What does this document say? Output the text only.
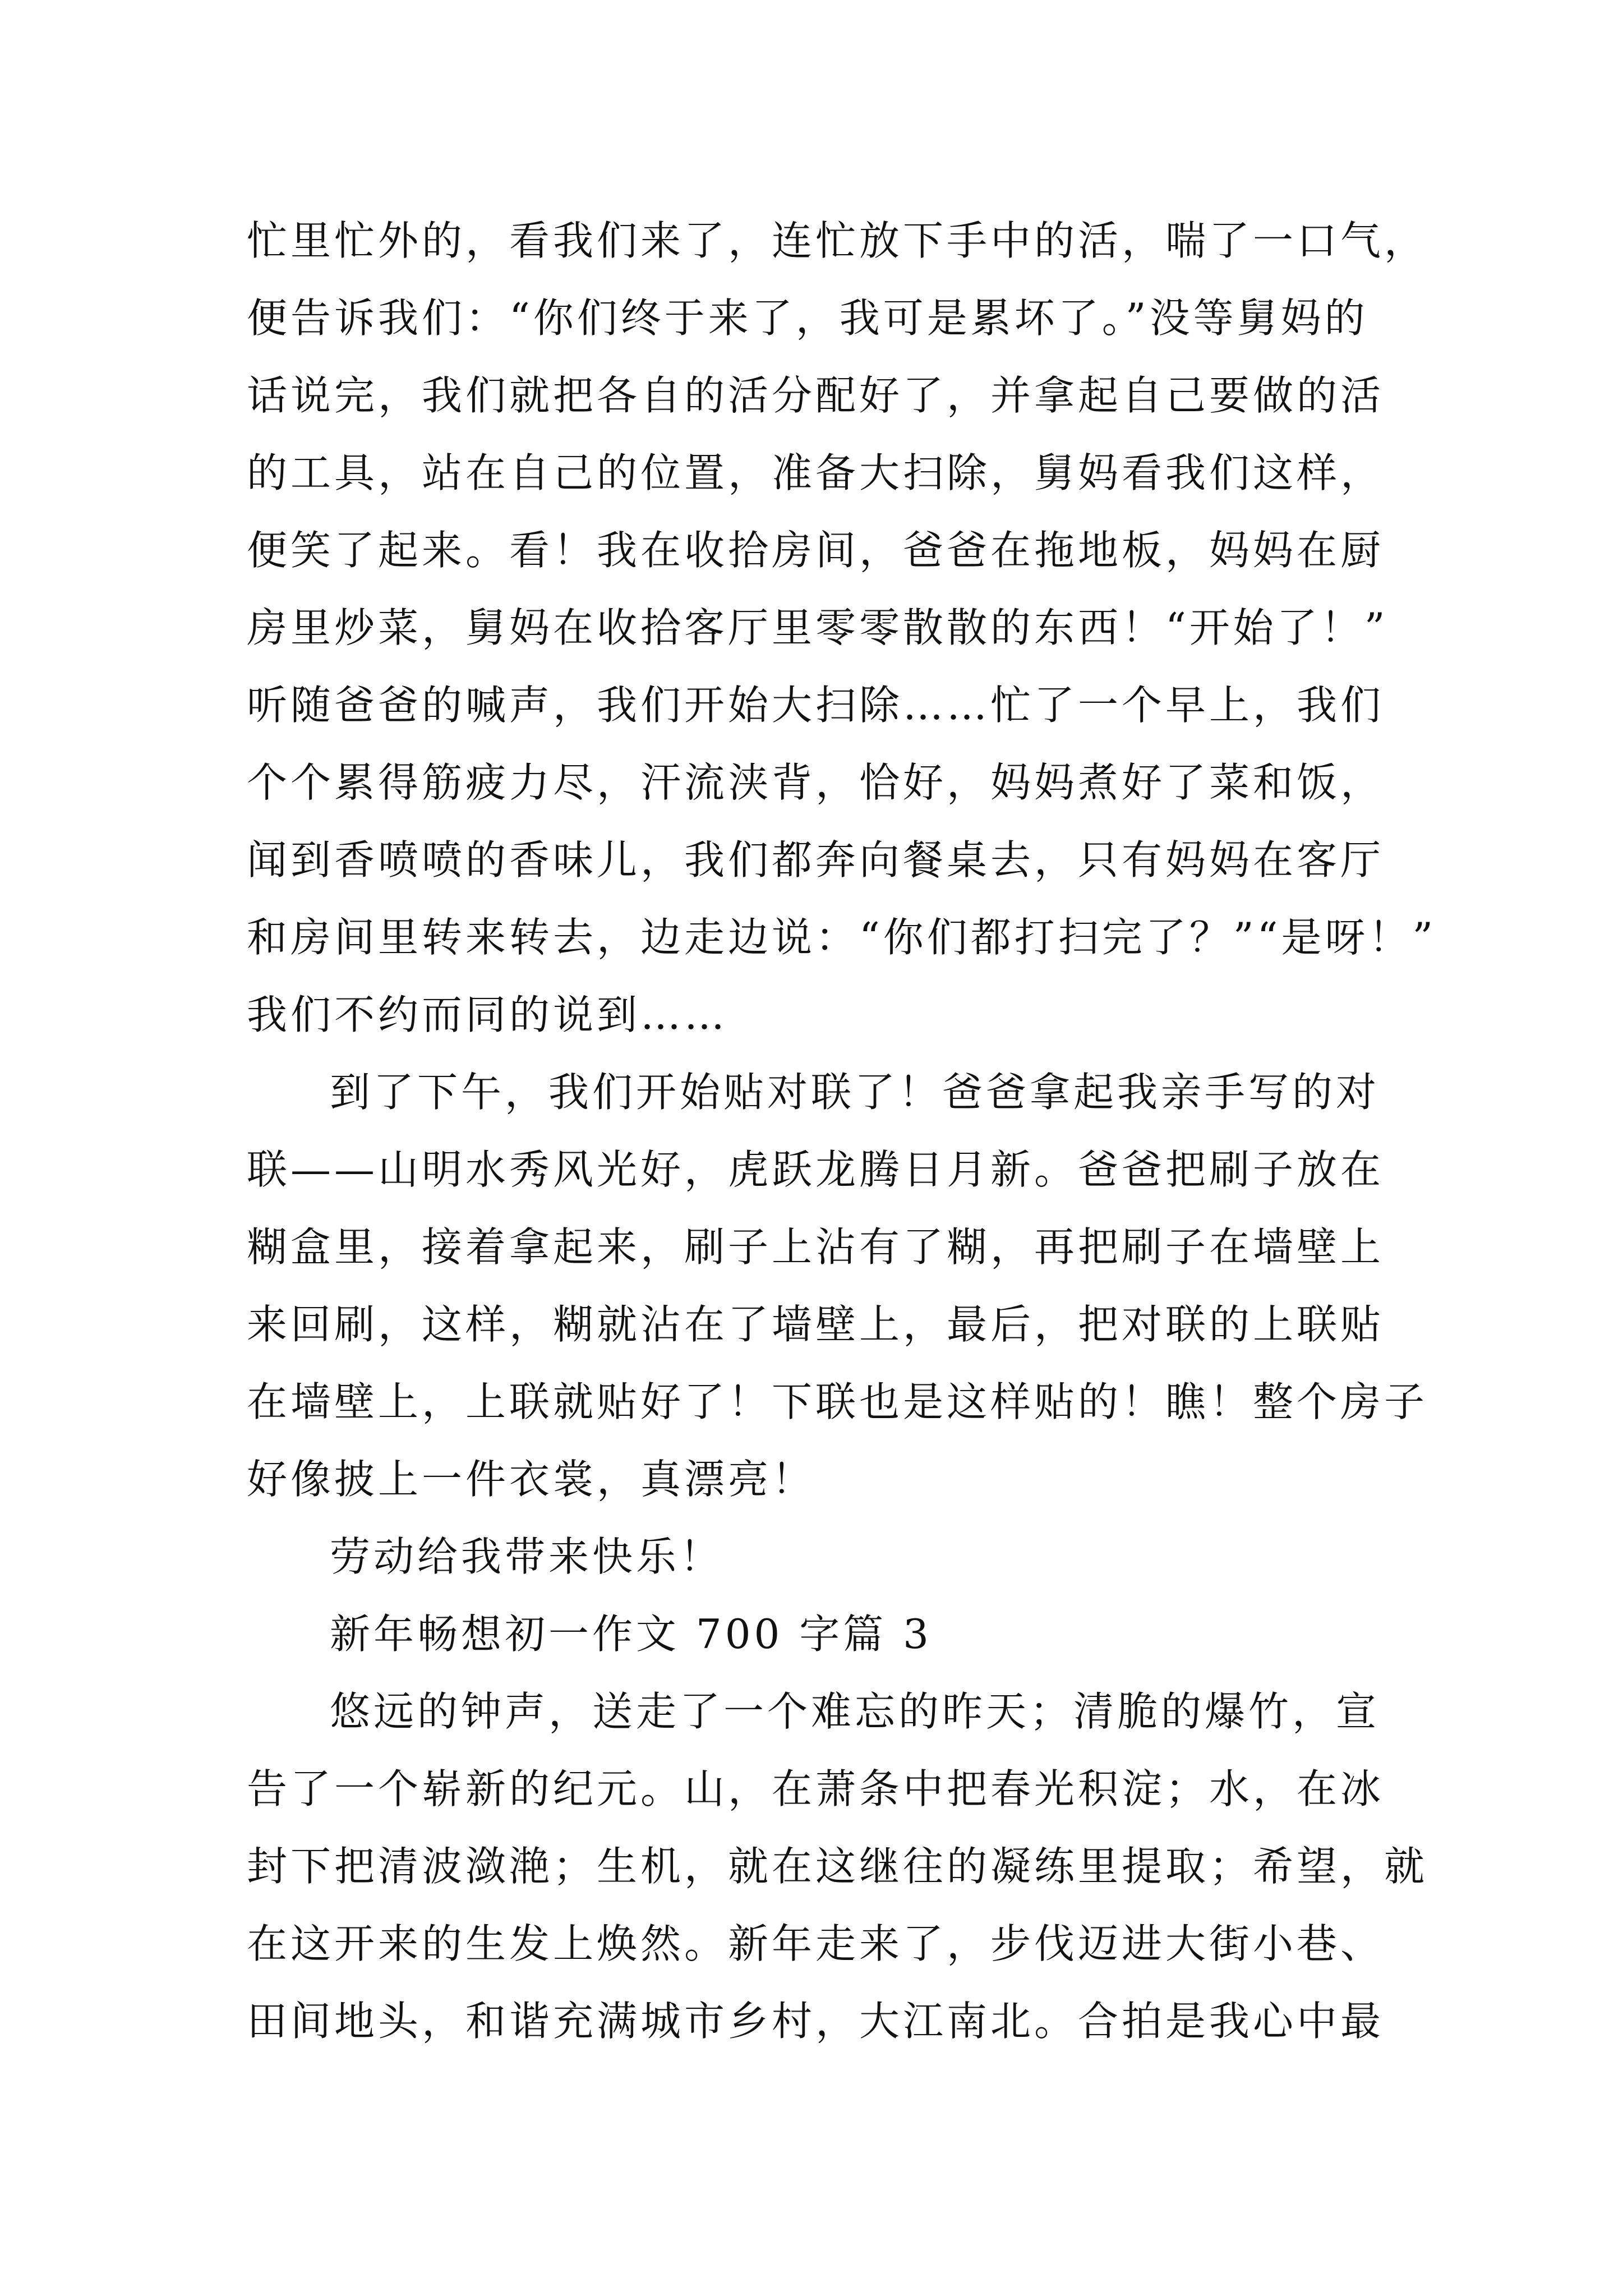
忙里忙外的，看我们来了，连忙放下手中的活，喘了一口气，
便告诉我们：“你们终于来了，我可是累坏了。”没等舅妈的
话说完，我们就把各自的活分配好了，并拿起自己要做的活
的工具，站在自己的位置，准备大扫除，舅妈看我们这样，
便笑了起来。看！我在收拾房间，爸爸在拖地板，妈妈在厨
房里炒菜，舅妈在收拾客厅里零零散散的东西！“开始了！”
听随爸爸的喊声，我们开始大扫除……忙了一个早上，我们
个个累得筋疲力尽，汗流浃背，恰好，妈妈煮好了菜和饭，
闻到香喷喷的香味儿，我们都奔向餐桌去，只有妈妈在客厅
和房间里转来转去，边走边说：“你们都打扫完了？”“是呀！”
我们不约而同的说到……
到了下午，我们开始贴对联了！爸爸拿起我亲手写的对
联——山明水秀风光好，虎跃龙腾日月新。爸爸把刷子放在
糊盒里，接着拿起来，刷子上沾有了糊，再把刷子在墙壁上
来回刷，这样，糊就沾在了墙壁上，最后，把对联的上联贴
在墙壁上，上联就贴好了！下联也是这样贴的！瞧！整个房子
好像披上一件衣裳，真漂亮！
劳动给我带来快乐！
新年畅想初一作文 700 字篇 3
悠远的钟声，送走了一个难忘的昨天；清脆的爆竹，宣
告了一个崭新的纪元。山，在萧条中把春光积淀；水，在冰
封下把清波潋滟；生机，就在这继往的凝练里提取；希望，就
在这开来的生发上焕然。新年走来了，步伐迈进大街小巷、
田间地头，和谐充满城市乡村，大江南北。合拍是我心中最
